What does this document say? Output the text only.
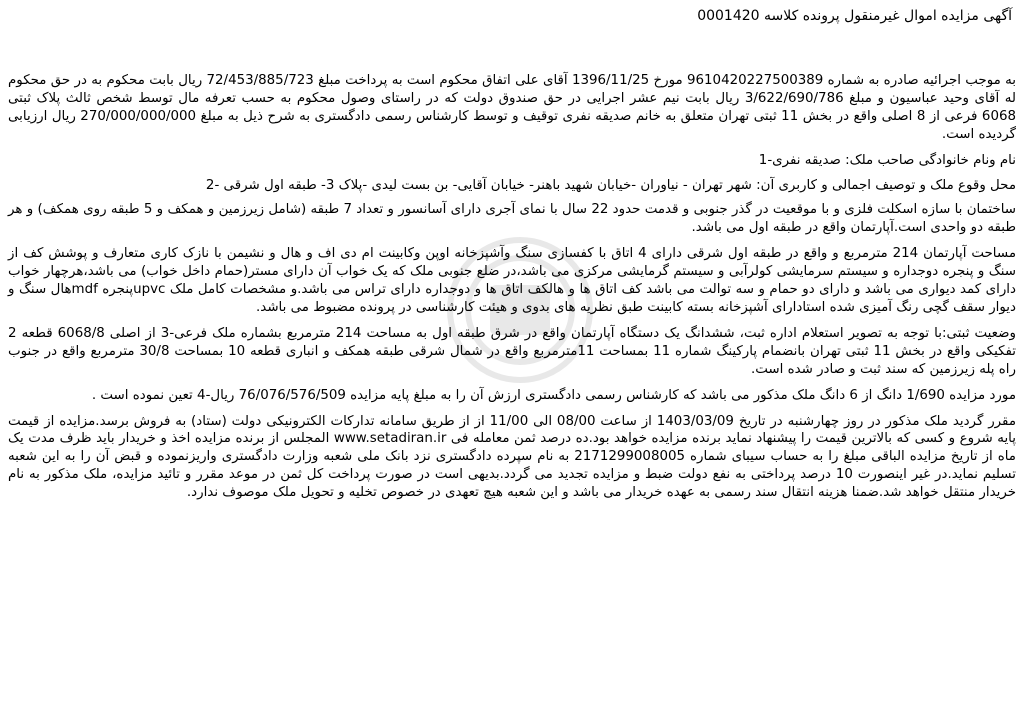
آگهی مزایده اموال غیرمنقول پرونده کلاسه 0001420

به موجب اجرائیه صادره به شماره 9610420227500389 مورخ 1396/11/25 آقای علی اتفاق محکوم است به پرداخت مبلغ 72/453/885/723 ریال بابت محکوم به در حق محکوم له آقای وحید عباسیون و مبلغ 3/622/690/786 ریال بابت نیم عشر اجرایی در حق صندوق دولت که در راستای وصول محکوم به حسب تعرفه مال توسط شخص ثالث پلاک ثبتی 6068 فرعی از 8 اصلی واقع در بخش 11 ثبتی تهران متعلق به خانم صدیقه نفری توقیف و توسط کارشناس رسمی دادگستری به شرح ذیل به مبلغ 270/000/000/000 ریال ارزیابی گردیده است.

نام ونام خانوادگی صاحب ملک: صدیقه نفری-1

محل وقوع ملک و توصیف اجمالی و کاربری آن: شهر تهران - نیاوران -خیابان شهید باهنر- خیابان آقایی- بن بست لیدی -پلاک 3- طبقه اول شرقی -2

ساختمان با سازه اسکلت فلزی و با موقعیت در گذر جنوبی و قدمت حدود 22 سال با نمای آجری دارای آسانسور و تعداد 7 طبقه (شامل زیرزمین و همکف و 5 طبقه روی همکف) و هر طبقه دو واحدی است.آپارتمان واقع در طبقه اول می باشد.

مساحت آپارتمان 214 مترمربع و واقع در طبقه اول شرقی دارای 4 اتاق با کفسازی سنگ وآشپزخانه اوپن وکابینت ام دی اف و هال و نشیمن با نازک کاری متعارف و پوشش کف از سنگ و پنجره دوجداره و سیستم سرمایشی کولرآبی و سیستم گرمایشی مرکزی می باشد،در ضلع جنوبی ملک که یک خواب آن دارای مستر(حمام داخل خواب) می باشد،هرچهار خواب دارای کمد دیواری می باشد و دارای دو حمام و سه توالت می باشد کف اتاق ها و هالکف اتاق ها و دوجداره دارای تراس می باشد.و مشخصات کامل ملک upvcپنجره mdfهال سنگ و دیوار سقف گچی رنگ آمیزی شده استادارای آشپزخانه بسته کابینت طبق نظریه های بدوی و هیئت کارشناسی در پرونده مضبوط می باشد.

وضعیت ثبتی:با توجه به تصویر استعلام اداره ثبت، ششدانگ یک دستگاه آپارتمان واقع در شرق طبقه اول به مساحت 214 مترمربع بشماره ملک فرعی-3 از اصلی 6068/8 قطعه 2 تفکیکی واقع در بخش 11 ثبتی تهران بانضمام پارکینگ شماره 11 بمساحت 11مترمربع واقع در شمال شرقی طبقه همکف و انباری قطعه 10 بمساحت 30/8 مترمربع واقع در جنوب راه پله زیرزمین که سند ثبت و صادر شده است.

مورد مزایده 1/690 دانگ از 6 دانگ ملک مذکور می باشد که کارشناس رسمی دادگستری ارزش آن را به مبلغ پایه مزایده 76/076/576/509 ریال-4 تعین نموده است .

مقرر گردید ملک مذکور در روز چهارشنبه در تاریخ 1403/03/09 از ساعت 08/00 الی 11/00 از از طریق سامانه تدارکات الکترونیکی دولت (ستاد) به فروش برسد.مزایده از قیمت پایه شروع و کسی که بالاترین قیمت را پیشنهاد نماید برنده مزایده خواهد بود.ده درصد ثمن معامله فی www.setadiran.ir المجلس از برنده مزایده اخذ و خریدار باید ظرف مدت یک ماه از تاریخ مزایده الباقی مبلغ را به حساب سیبای شماره 2171299008005 به نام سپرده دادگستری نزد بانک ملی شعبه وزارت دادگستری واریزنموده و قبض آن را به این شعبه تسلیم نماید.در غیر اینصورت 10 درصد پرداختی به نفع دولت ضبط و مزایده تجدید می گردد.بدیهی است در صورت پرداخت کل ثمن در موعد مقرر و تائید مزایده، ملک مذکور به نام خریدار منتقل خواهد شد.ضمنا هزینه انتقال سند رسمی به عهده خریدار می باشد و این شعبه هیچ تعهدی در خصوص تخلیه و تحویل ملک موصوف ندارد.
